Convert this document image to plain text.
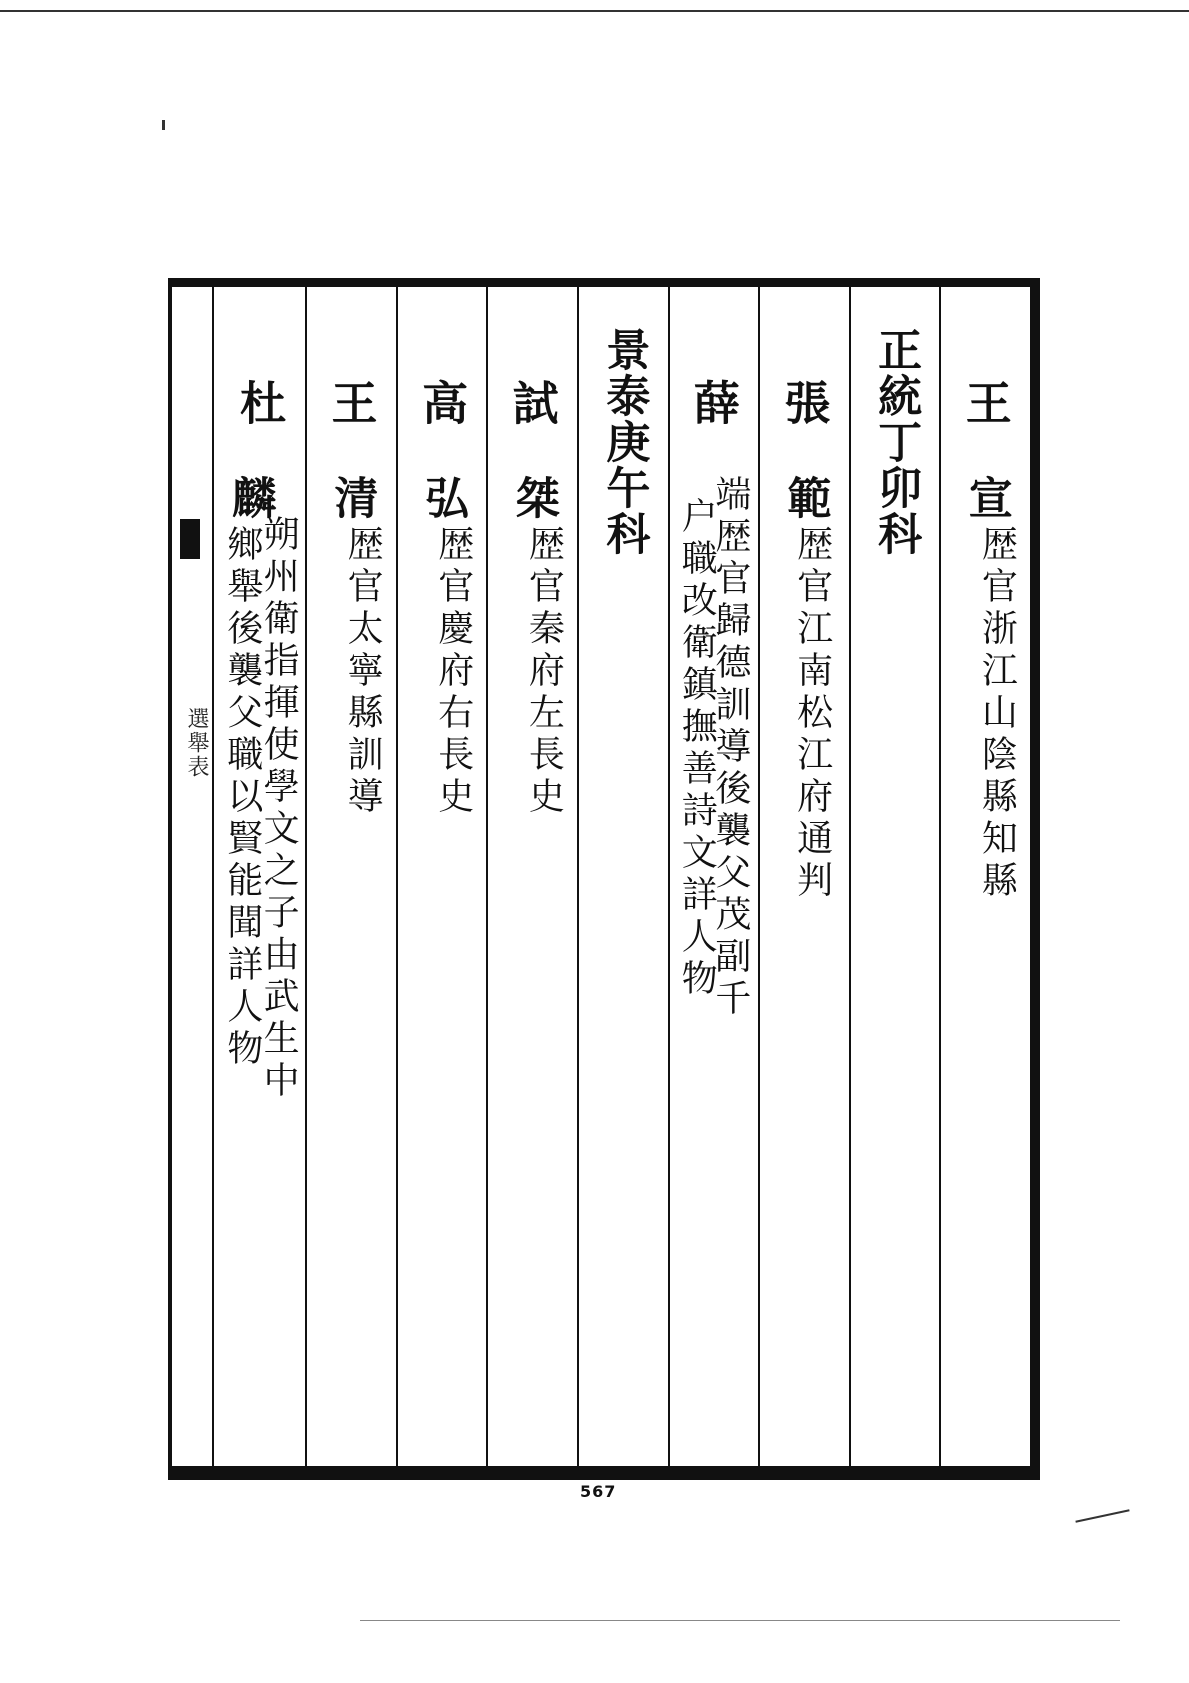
選舉表
王
宣
歴官浙江山陰縣知縣
正統丁卯科
張
範
歴官江南松江府通判
薛
端歴官歸德訓導後襲父茂副千
户職改衛鎮撫善詩文詳人物
景泰庚午科
試
桀
歴官秦府左長史
高
弘
歴官慶府右長史
王
清
歴官太寧縣訓導
杜
麟
朔州衛指揮使學文之子由武生中
鄉舉後襲父職以賢能聞詳人物
567
